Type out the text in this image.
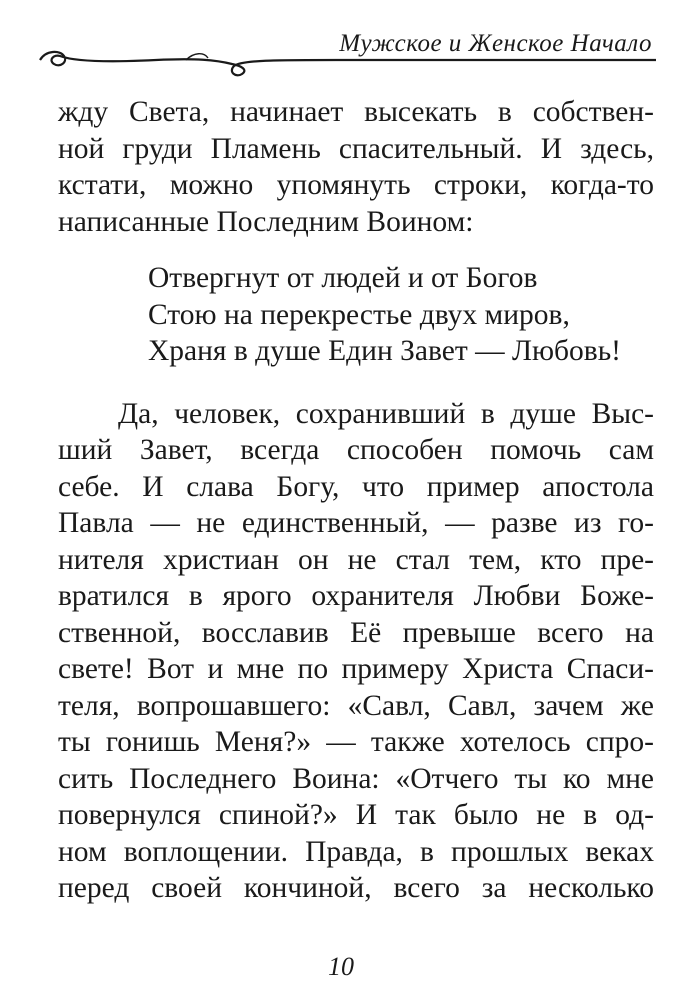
Мужское и Женское Начало
жду Света, начинает высекать в собствен-
ной груди Пламень спасительный. И здесь,
кстати, можно упомянуть строки, когда-то
написанные Последним Воином:
Отвергнут от людей и от Богов
Стою на перекрестье двух миров,
Храня в душе Един Завет — Любовь!
Да, человек, сохранивший в душе Выс-
ший Завет, всегда способен помочь сам
себе. И слава Богу, что пример апостола
Павла — не единственный, — разве из го-
нителя христиан он не стал тем, кто пре-
вратился в ярого охранителя Любви Боже-
ственной, восславив Её превыше всего на
свете! Вот и мне по примеру Христа Спаси-
теля, вопрошавшего: «Савл, Савл, зачем же
ты гонишь Меня?» — также хотелось спро-
сить Последнего Воина: «Отчего ты ко мне
повернулся спиной?» И так было не в од-
ном воплощении. Правда, в прошлых веках
перед своей кончиной, всего за несколько
10
